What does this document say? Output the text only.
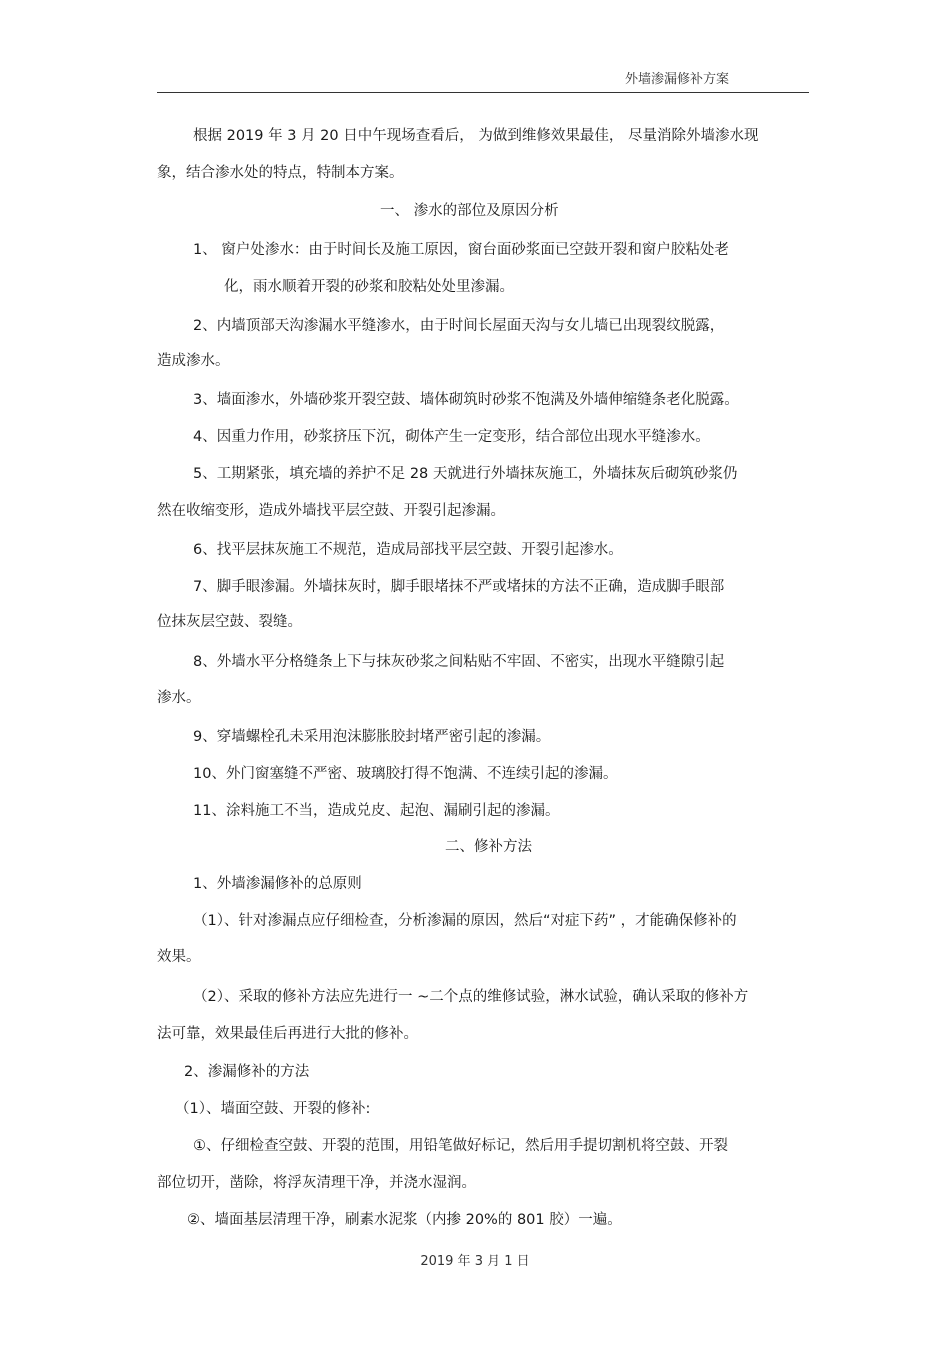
外墙渗漏修补方案
根据 2019 年 3 月 20 日中午现场查看后， 为做到维修效果最佳， 尽量消除外墙渗水现
象，结合渗水处的特点，特制本方案。
一、 渗水的部位及原因分析
1、 窗户处渗水：由于时间长及施工原因，窗台面砂浆面已空鼓开裂和窗户胶粘处老
化，雨水顺着开裂的砂浆和胶粘处处里渗漏。
2、内墙顶部天沟渗漏水平缝渗水，由于时间长屋面天沟与女儿墙已出现裂纹脱露，
造成渗水。
3、墙面渗水，外墙砂浆开裂空鼓、墙体砌筑时砂浆不饱满及外墙伸缩缝条老化脱露。
4、因重力作用，砂浆挤压下沉，砌体产生一定变形，结合部位出现水平缝渗水。
5、工期紧张，填充墙的养护不足 28 天就进行外墙抹灰施工，外墙抹灰后砌筑砂浆仍
然在收缩变形，造成外墙找平层空鼓、开裂引起渗漏。
6、找平层抹灰施工不规范，造成局部找平层空鼓、开裂引起渗水。
7、脚手眼渗漏。外墙抹灰时，脚手眼堵抹不严或堵抹的方法不正确，造成脚手眼部
位抹灰层空鼓、裂缝。
8、外墙水平分格缝条上下与抹灰砂浆之间粘贴不牢固、不密实，出现水平缝隙引起
渗水。
9、穿墙螺栓孔未采用泡沫膨胀胶封堵严密引起的渗漏。
10、外门窗塞缝不严密、玻璃胶打得不饱满、不连续引起的渗漏。
11、涂料施工不当，造成兑皮、起泡、漏刷引起的渗漏。
二、修补方法
1、外墙渗漏修补的总原则
（1）、针对渗漏点应仔细检查，分析渗漏的原因，然后“对症下药” ，才能确保修补的
效果。
（2）、采取的修补方法应先进行一 ~二个点的维修试验，淋水试验，确认采取的修补方
法可靠，效果最佳后再进行大批的修补。
2、渗漏修补的方法
（1）、墙面空鼓、开裂的修补:
①、仔细检查空鼓、开裂的范围，用铅笔做好标记，然后用手提切割机将空鼓、开裂
部位切开，凿除，将浮灰清理干净，并浇水湿润。
②、墙面基层清理干净，刷素水泥浆（内掺 20%的 801 胶）一遍。
2019 年 3 月 1 日
